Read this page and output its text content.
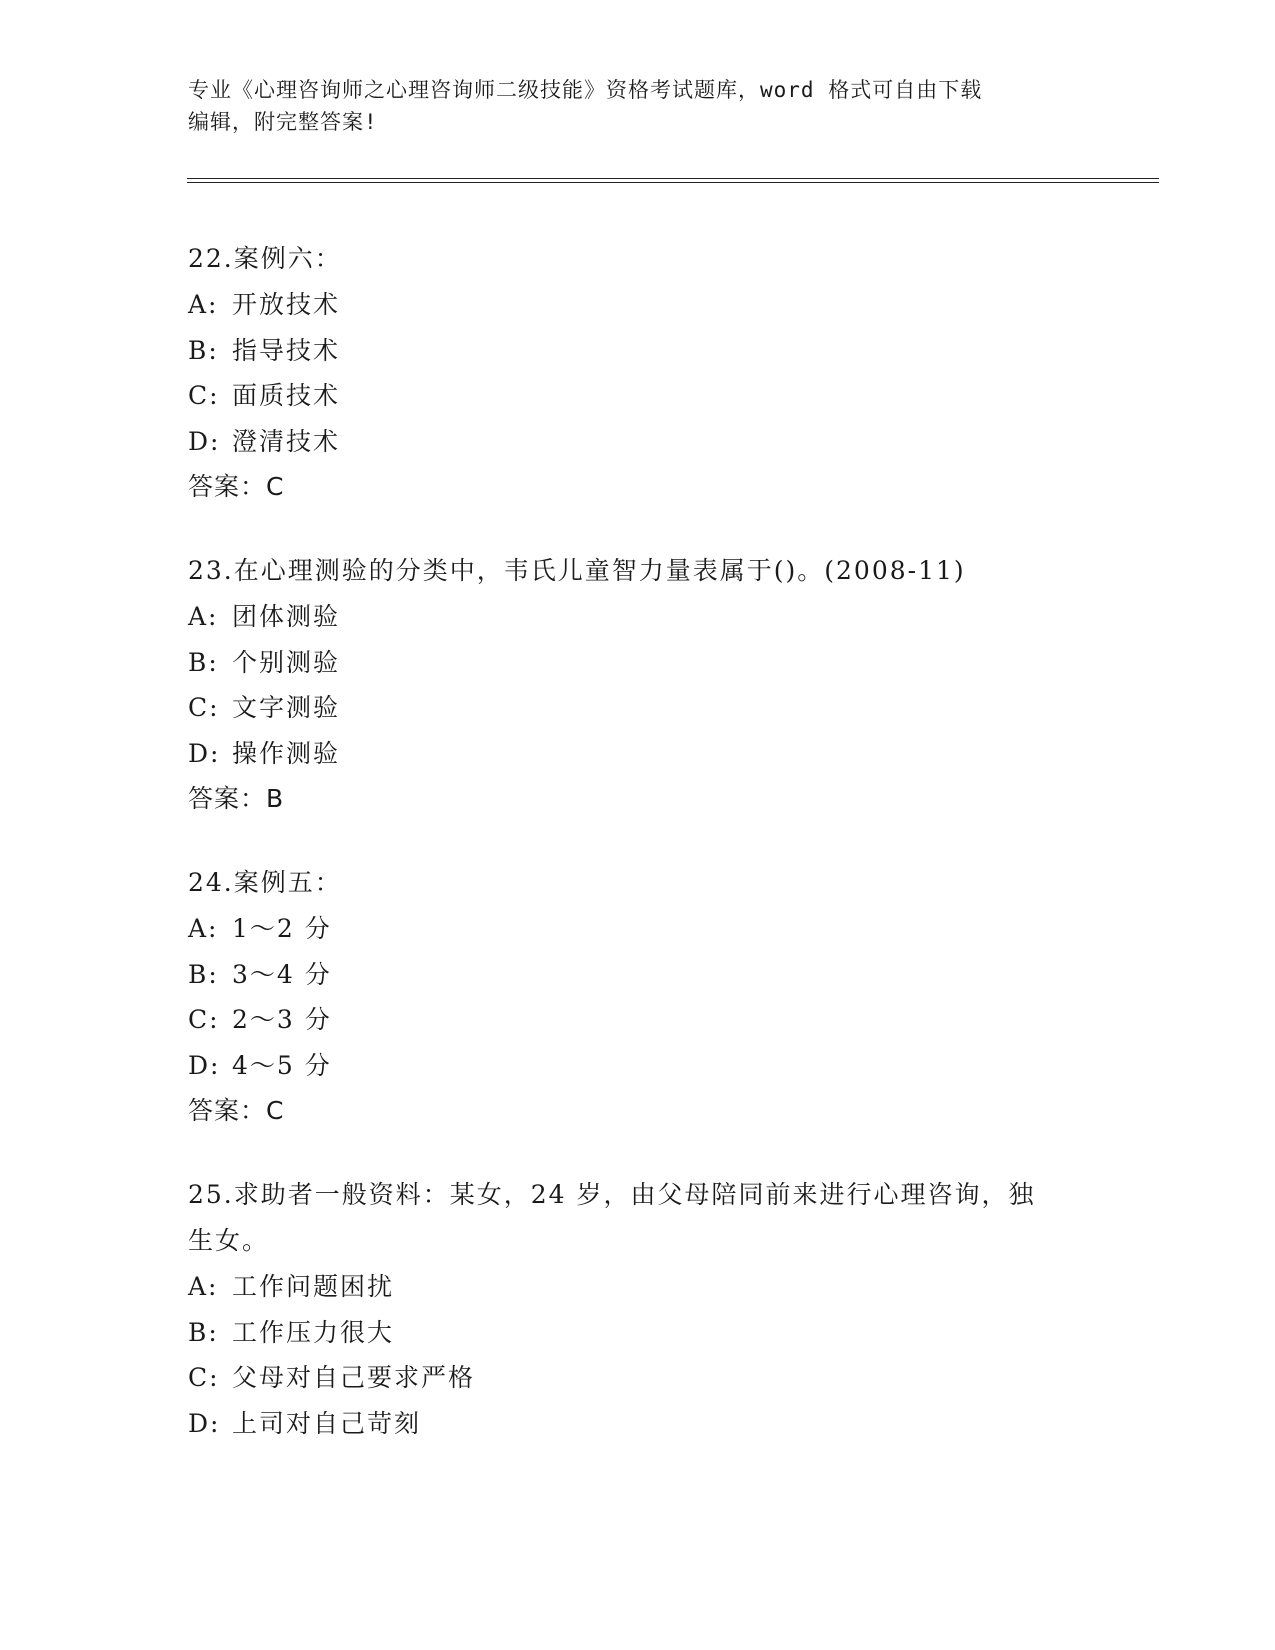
专业《心理咨询师之心理咨询师二级技能》资格考试题库，word 格式可自由下载
编辑，附完整答案!

22.案例六：

A: 开放技术
B: 指导技术
C: 面质技术
D: 澄清技术

答案：C

23.在心理测验的分类中，韦氏儿童智力量表属于()。(2008-11)

A: 团体测验
B: 个别测验
C: 文字测验
D: 操作测验

答案：B

24.案例五：

A: 1～2 分
B: 3～4 分
C: 2～3 分
D: 4～5 分

答案：C

25.求助者一般资料：某女，24 岁，由父母陪同前来进行心理咨询，独

生女。

A: 工作问题困扰
B: 工作压力很大
C: 父母对自己要求严格
D: 上司对自己苛刻
